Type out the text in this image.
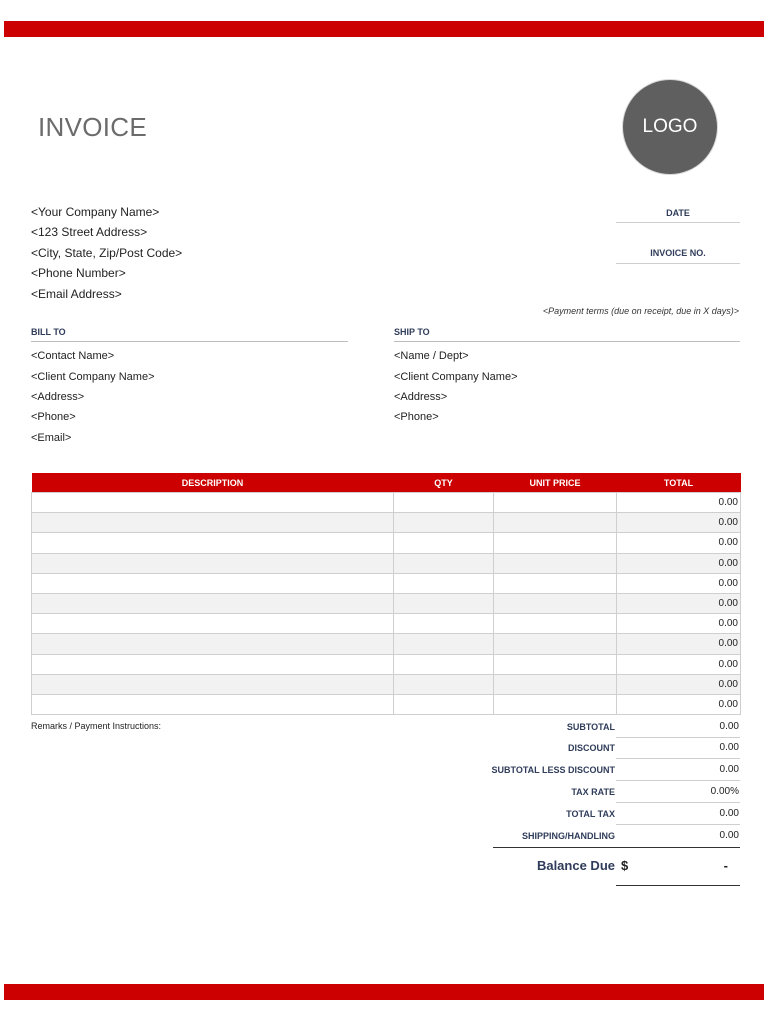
INVOICE	LOGO
<Your Company Name>
<123 Street Address>
<City, State, Zip/Post Code>
<Phone Number>
<Email Address>
DATE
INVOICE NO.
<Payment terms (due on receipt, due in X days)>
BILL TO	SHIP TO
<Contact Name>
<Client Company Name>
<Address>
<Phone>
<Email>
<Name / Dept>
<Client Company Name>
<Address>
<Phone>
DESCRIPTION	QTY	UNIT PRICE	TOTAL
			0.00
			0.00
			0.00
			0.00
			0.00
			0.00
			0.00
			0.00
			0.00
			0.00
			0.00
Remarks / Payment Instructions:	SUBTOTAL	0.00
DISCOUNT	0.00
SUBTOTAL LESS DISCOUNT	0.00
TAX RATE	0.00%
TOTAL TAX	0.00
SHIPPING/HANDLING	0.00
Balance Due $	-
